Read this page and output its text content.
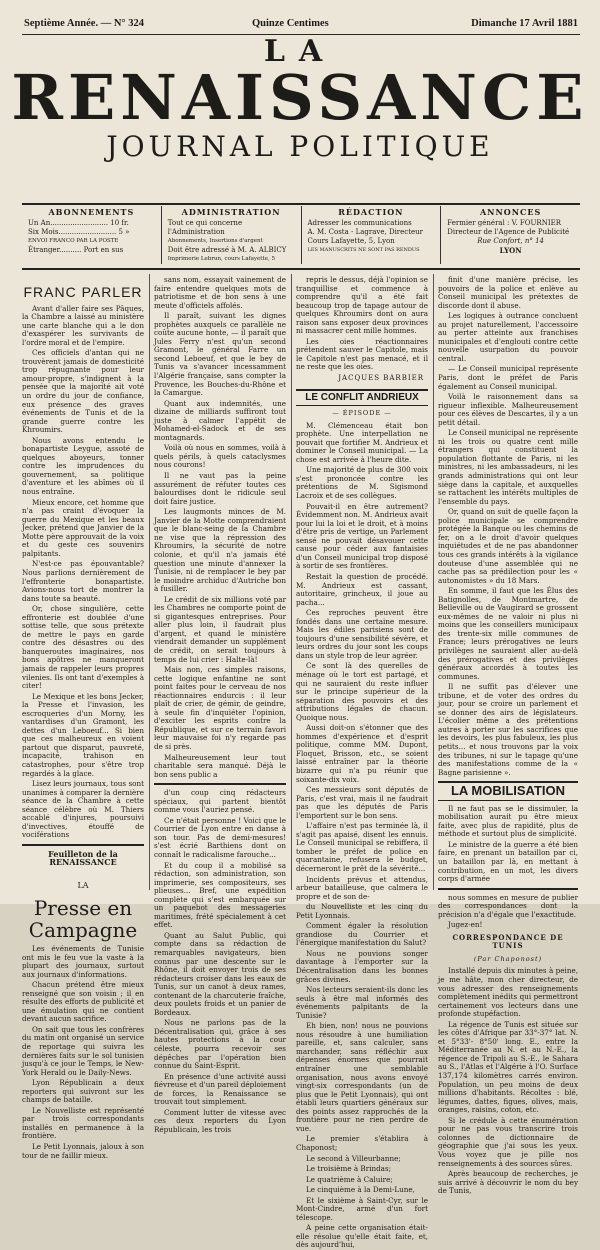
Septième Année. — N° 324	Quinze Centimes	Dimanche 17 Avril 1881
LA
RENAISSANCE
JOURNAL POLITIQUE
ABONNEMENTS
Un An.......................... 10 fr.
Six Mois.......................... 5 »
ENVOI FRANCO PAR LA POSTE
Étranger.......... Port en sus
ADMINISTRATION
Tout ce qui concerne l'Administration
Abonnements, Insertions d'argent
Doit être adressé à M. A. ALBICY
Imprimerie Lebrun, cours Lafayette, 5
RÉDACTION
Adresser les communications
A. M. Costa - Lagrave, Directeur
Cours Lafayette, 5, Lyon
LES MANUSCRITS NE SONT PAS RENDUS
ANNONCES
Fermier général : V. FOURNIER
Directeur de l'Agence de Publicité
Rue Confort, n° 14
LYON
FRANC PARLER

Avant d'aller faire ses Pâques, la Chambre a laissé au ministère une carte blanche qui a le don d'exaspérer les survivants de l'ordre moral et de l'empire.

Ces officiels d'antan qui ne trouvèrent jamais de domesticité trop répugnante pour leur amour-propre, s'indignent à la pensée que la majorité ait voté un ordre du jour de confiance, eux présence des graves événements de Tunis et de la grande guerre contre les Khroumirs.

Nous avons entendu le bonapartiste Leygue, assoté de quelques aboyeurs, tonner contre les imprudences du gouvernement, sa politique d'aventure et les abîmes où il nous entraîne.

Mieux encore, cet homme que n'a pas craint d'évoquer la guerre du Mexique et les beaux Jecker, prétend que Janvier de la Motte père approuvait de la voix et du geste ces souvenirs palpitants.

N'est-ce pas épouvantable? Nous parlions dernièrement de l'effronterie bonapartiste. Avions-nous tort de montrer la dans toute sa beauté.

Or, chose singulière, cette effronterie est doublée d'une sottise telle, que sous prétexte de mettre le pays en garde contre des désastres ou des banqueroutes imaginaires, nos bons apôtres ne manqueront jamais de rappeler leurs propres vilenies. Ils ont tant d'exemples à citer!

Le Mexique et les bons Jecker, la Presse et l'invasion, les escroqueries d'un Morny, les vantardises d'un Gramont, les dettes d'un Leboeuf... Si bien que ces malheureux en voient partout que disparut, pauvreté, incapacité, trahison en catastrophes, pour s'être trop regardés à la glace.

Lisez leurs journaux, tous sont unanimes à comparer la dernière séance de la Chambre à cette séance célèbre où M. Thiers accablé d'injures, poursuivi d'invectives, étouffé de vociférations

Feuilleton de la RENAISSANCE
LA
Presse en Campagne

Les événements de Tunisie ont mis le feu vue la vaste à la plupart des journaux, surtout aux journaux d'informations.

Chacun prétend être mieux renseigné que son voisin ; il en résulte des efforts de publicité et une émulation qui ne contient devant aucun sacrifice.

On sait que tous les confrères du matin ont organisé un service de reportage qui suivra les dernières faits sur le sol tunisien jusqu'à ce jour le Temps, le New-York Herald ou le Daily-News.

Lyon Républicain a deux reporters qui suivront sur les champs de bataille.

Le Nouvelliste est représenté par trois correspondants installés en permanence à la frontière.

Le Petit Lyonnais, jaloux à son tour de ne faillir mieux.

sans nom, essayait vainement de faire entendre quelques mots de patriotisme et de bon sens à une meute d'officiels affolés.

Il paraît, suivant les dignes prophètes auxquels ce parallèle ne coûte aucune honte, — il paraît que Jules Ferry n'est qu'un second Gramont, le général Farre un second Leboeuf, et que le bey de Tunis va s'avancer incessamment l'Algérie française, sans compter la Provence, les Bouches-du-Rhône et la Camargue.

Quant aux indemnités, une dizaine de milliards suffiront tout juste à calmer l'appétit de Mohamed-el-Sadock et de ses montagnards.

Voilà où nous en sommes, voilà à quels périls, à quels cataclysmes nous courons!

Il ne vaut pas la peine assurément de réfuter toutes ces balourdises dont le ridicule seul doit faire justice.

Les laugmonts minces de M. Janvier de la Motte comprendraient que le blanc-seing de la Chambre ne vise que la répression des Khroumirs, la sécurité de notre colonie, et qu'il n'a jamais été question une minute d'annexer la Tunisie, ni de remplacer le bey par le moindre archiduc d'Autriche bon à fusiller.

Le crédit de six millions voté par les Chambres ne comporte point de si gigantesques entreprises. Pour aller plus loin, il faudrait plus d'argent, et quand le ministère viendrait demander un supplément de crédit, on serait toujours à temps de lui crier : Halte-là!

Mais non, ces simples raisons, cette logique enfantine ne sont point faites pour le cerveau de nos réactionnaires endurcis : il leur plaît de crier, de gémir, de geindre, à seule fin d'inquiéter l'opinion, d'exciter les esprits contre la République, et sur ce terrain favori leur mauvaise foi n'y regarde pas de si près.

Malheureusement leur tout charitable sera manqué. Déjà le bon sens public a

d'un coup cinq rédacteurs spéciaux, qui partent bientôt comme vous l'auriez pensé.

Ce n'était personne ! Voici que le Courrier de Lyon entre en danse à son tour. Pas de demi-mesures! s'est écrié Barthiens dont on connaît le radicalisme farouche...

Et du coup il a mobilisé sa rédaction, son administration, son imprimerie, ses compositeurs, ses plieuses... Bref, une expédition complète qui s'est embarquée sur un paquebot des messageries maritimes, frété spécialement à cet effet.

Quant au Salut Public, qui compte dans sa rédaction de remarquables navigateurs, bien connus par une descente sur le Rhône, il doit envoyer trois de ses rédacteurs croiser dans les eaux de Tunis, sur un canot à deux rames, contenant de la charcuterie fraîche, deux poulets froids et un panier de Bordeaux.

Nous ne parlons pas de la Décentralisation qui, grâce à ses hautes protections à la cour céleste, pourra recevoir ses dépêches par l'opération bien connue du Saint-Esprit.

En présence d'une activité aussi fiévreuse et d'un pareil déploiement de forces, la Renaissance se trouvait tout simplement.

Comment lutter de vitesse avec ces deux reporters du Lyon Républicain, les trois

repris le dessus, déjà l'opinion se tranquillise et commence à comprendre qu'il a été fait beaucoup trop de tapage autour de quelques Khroumirs dont on aura raison sans exposer deux provinces ni massacrer cent mille hommes.

Les oies réactionnaires prétendent sauver le Capitole, mais le Capitole n'est pas menacé, et il ne reste que les oies.

JACQUES BARBIER
LE CONFLIT ANDRIEUX
— ÉPISODE —

M. Clémenceau était bon prophète. Une interpellation ne pouvait que fortifier M. Andrieux et dominer le Conseil municipal. — La chose est arrivée à l'heure dite.

Une majorité de plus de 300 voix s'est prononcée contre les prétentions de M. Sigismond Lacroix et de ses collègues.

Pouvait-il en être autrement? Évidemment non. M. Andrieux avait pour lui la loi et le droit, et à moins d'être pris de vertige, un Parlement sensé ne pouvait désavouer cette cause pour céder aux fantaisies d'un Conseil municipal trop disposé à sortir de ses frontières.

Restait la question de procédé. M. Andrieux est cassant, autoritaire, grincheux, il joue au pacha...

Ces reproches peuvent être fondés dans une certaine mesure. Mais les édiles parisiens sont de toujours d'une sensibilité sévère, et leurs ordres du jour sont les coups dans un style trop de leur agréer.

Ce sont là des querelles de ménage où le tort est partagé, et qui ne sauraient du reste influer sur le principe supérieur de la séparation des pouvoirs et des attributions légales de chacun. Quoique nous.

Aussi doit-on s'étonner que des hommes d'expérience et d'esprit politique, comme MM. Dupont, Floquet, Brisson, etc., se soient laissé entraîner par la théorie bizarre qui n'a pu réunir que soixante-dix voix.

Ces messieurs sont députés de Paris, c'est vrai, mais il ne faudrait pas que les députés de Paris l'emportent sur le bon sens.

L'affaire n'est pas terminée là, il s'agit pas apaisé, disent les ennuis. Le Conseil municipal se rebiffera, il tomber le préfet de police en quarantaine, refusera le budget, décerneront le prêt de la sévérité...

Incidents prévus et attendus, arbeur batailleuse, que calmera le propre et de son de-

du Nouvelliste et les cinq du Petit Lyonnais.

Comment égaler la résolution grandiose du Courrier et l'énergique manifestation du Salut?

Nous ne pouvions songer davantage à l'emporter sur la Décentralisation dans les bonnes grâces divines.

Nos lecteurs seraient-ils donc les seuls à être mal informés des événements palpitants de la Tunisie?

Eh bien, non! nous ne pouvions nous résoudre à une humiliation pareille, et, sans calculer, sans marchander, sans réfléchir aux dépenses énormes que pourrait entraîner une semblable organisation, nous avons envoyé vingt-six correspondants (un de plus que le Petit Lyonnais), qui ont établi leurs quartiers généraux sur des points assez rapprochés de la frontière pour ne rien perdre de vue.

Le premier s'établira à Chaponost;

Le second à Villeurbanne;

Le troisième à Brindas;

Le quatrième à Caluire;

Le cinquième à la Demi-Lune,

Et le sixième à Saint-Cyr, sur le Mont-Cindre, armé d'un fort télescope.

A peine cette organisation était-elle résolue qu'elle était faite, et, dès aujourd'hui,

finit d'une manière précise, les pouvoirs de la police et enlève au Conseil municipal les prétextes de discorde dont il abuse.

Les logiques à outrance concluent au projet naturellement, l'accessoire au perter atteinte aux franchises municipales et d'englouti contre cette nouvelle usurpation du pouvoir central.

— Le Conseil municipal représente Paris, dont le préfet de Paris également au Conseil municipal.

Voilà le raisonnement dans sa rigueur inflexible. Malheureusement pour ces élèves de Descartes, il y a un petit détail.

Le Conseil municipal ne représente ni les trois ou quatre cent mille étrangers qui constituent la population flottante de Paris, ni les ministres, ni les ambassadeurs, ni les grands administrations qui ont leur siège dans la capitale, et auxquelles se rattachent les intérêts multiples de l'ensemble du pays.

Or, quand on suit de quelle façon la police municipale se comprendre protégée la Banque ou les chemins de fer, on a le droit d'avoir quelques inquiétudes et de ne pas abandonner tous ces grands intérêts à la vigilance douteuse d'une assemblée qui ne cache pas sa prédilection pour les « autonomistes » du 18 Mars.

En somme, il faut que les Élus des Batignolles, de Montmartre, de Belleville ou de Vaugirard se grossent eux-mêmes de ne valoir ni plus ni moins que les conseillers municipaux des trente-six mille communes de France; leurs prérogatives ne leurs privilèges ne sauraient aller au-delà des prérogatives et des privilèges généraux accordés à toutes les communes.

Il ne suffit pas d'élever une tribune, et de voter des ordres du jour, pour se croire un parlement et se donner des airs de législateurs. L'écolier même a des prétentions autres à porter sur les sacrifices que les devoirs, les plus fabuleux, les plus petits... et nous trouvons par la voix des tribunes, ni sur le tapage qu'une des manifestations comme de la « Bagne parisienne ».

LA MOBILISATION

Il ne faut pas se le dissimuler, la mobilisation aurait pu être mieux faite, avec plus de rapidité, plus de méthode et surtout plus de simplicité.

Le ministre de la guerre a été bien faire, en prenant un bataillon par ci, un bataillon par là, en mettant à contribution, en un mot, les divers corps d'armée

nous sommes en mesure de publier des correspondances dont la précision n'a d'égale que l'exactitude.

Jugez-en!

CORRESPONDANCE DE TUNIS
(Par Chaponost)

Installé depuis dix minutes à peine, je me hâte, mon cher directeur, de vous adresser des renseignements complètement inédits qui permettront certainement vos lecteurs dans une profonde stupéfaction.

La régence de Tunis est située sur les côtes d'Afrique par 33°-37° lat. N. et 5°33'- 8°50' long. E., entre la Méditerranée au N. et au N.-E., la régence de Tripoli au S.-E., le Sahara au S., l'Atlas et l'Algérie à l'O. Surface 137,174 kilomètres carrés environ. Population, un peu moins de deux millions d'habitants. Récoltes : blé, légumes, dattes, figues, olives, mais, oranges, raisins, coton, etc.

Si le crédule à cette énumération pour ne pas vous transcrire trois colonnes de dictionnaire de géographie que j'ai sous les yeux. Vous voyez que je pille nos renseignements à des sources sûres.

Après beaucoup de recherches, je suis arrivé à découvrir le nom du bey de Tunis,
